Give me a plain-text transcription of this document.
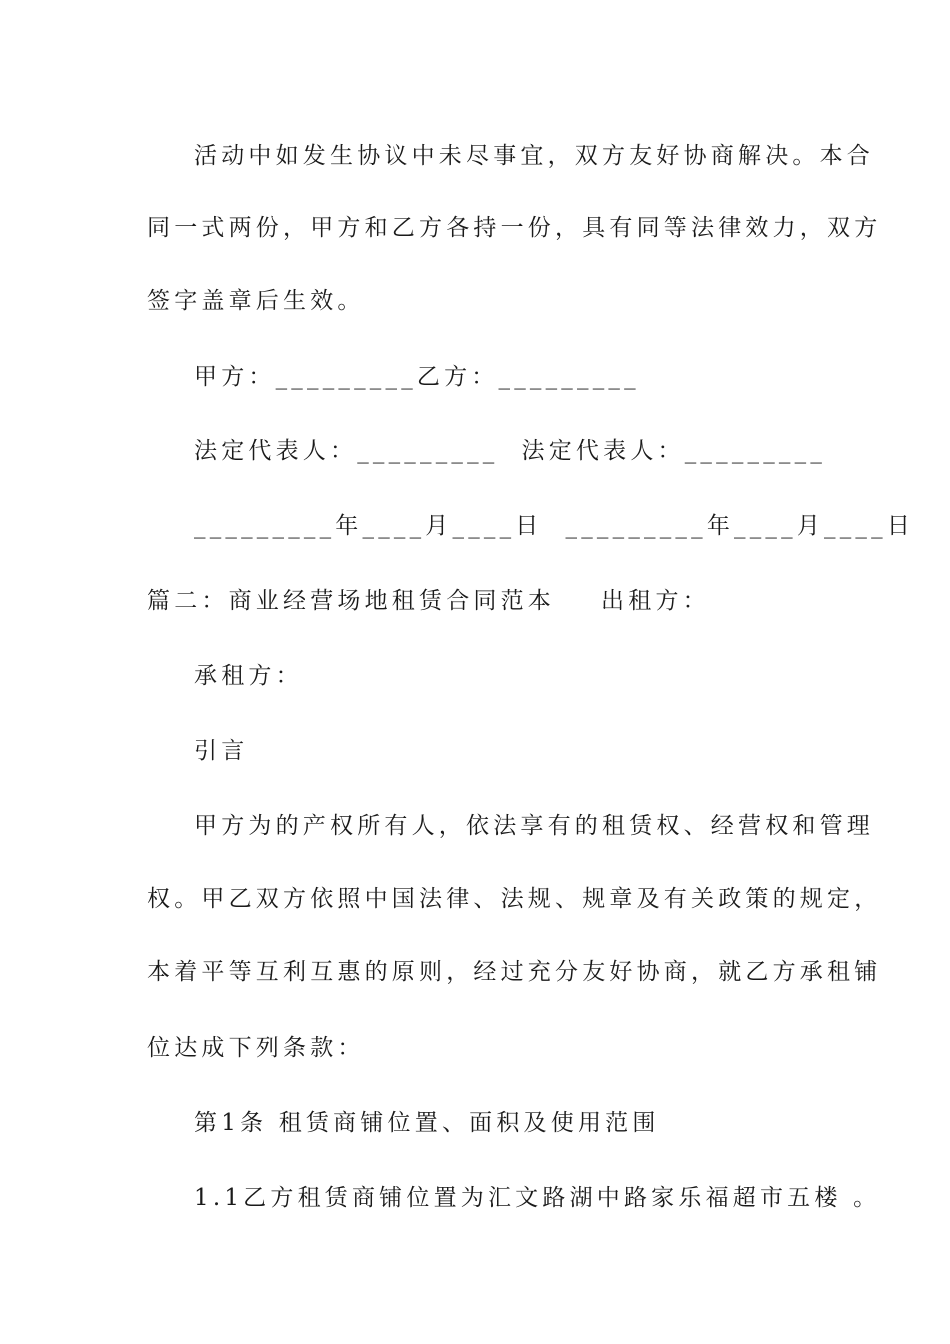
活动中如发生协议中未尽事宜，双方友好协商解决。本合
同一式两份，甲方和乙方各持一份，具有同等法律效力，双方
签字盖章后生效。
甲方：_________乙方：_________
法定代表人：_________  法定代表人：_________
_________年____月____日  _________年____月____日
篇二：商业经营场地租赁合同范本    出租方：
承租方：
引言
甲方为的产权所有人，依法享有的租赁权、经营权和管理
权。甲乙双方依照中国法律、法规、规章及有关政策的规定，
本着平等互利互惠的原则，经过充分友好协商，就乙方承租铺
位达成下列条款：
第1条 租赁商铺位置、面积及使用范围
1.1乙方租赁商铺位置为汇文路湖中路家乐福超市五楼 。
